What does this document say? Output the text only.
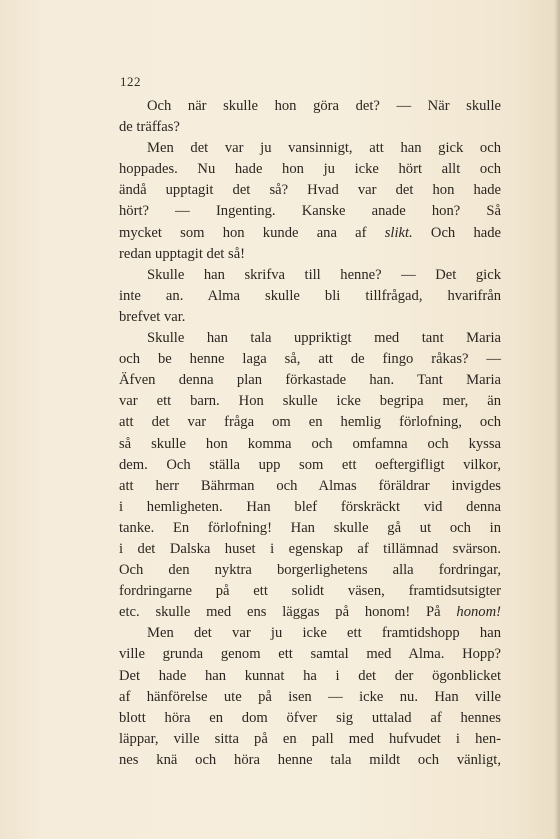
122
Och när skulle hon göra det? — När skulle
de träffas?
Men det var ju vansinnigt, att han gick och
hoppades. Nu hade hon ju icke hört allt och
ändå upptagit det så? Hvad var det hon hade
hört? — Ingenting. Kanske anade hon? Så
mycket som hon kunde ana af slikt. Och hade
redan upptagit det så!
Skulle han skrifva till henne? — Det gick
inte an. Alma skulle bli tillfrågad, hvarifrån
brefvet var.
Skulle han tala uppriktigt med tant Maria
och be henne laga så, att de fingo råkas? —
Äfven denna plan förkastade han. Tant Maria
var ett barn. Hon skulle icke begripa mer, än
att det var fråga om en hemlig förlofning, och
så skulle hon komma och omfamna och kyssa
dem. Och ställa upp som ett oeftergifligt vilkor,
att herr Bährman och Almas föräldrar invigdes
i hemligheten. Han blef förskräckt vid denna
tanke. En förlofning! Han skulle gå ut och in
i det Dalska huset i egenskap af tillämnad svärson.
Och den nyktra borgerlighetens alla fordringar,
fordringarne på ett solidt väsen, framtidsutsigter
etc. skulle med ens läggas på honom! På honom!
Men det var ju icke ett framtidshopp han
ville grunda genom ett samtal med Alma. Hopp?
Det hade han kunnat ha i det der ögonblicket
af hänförelse ute på isen — icke nu. Han ville
blott höra en dom öfver sig uttalad af hennes
läppar, ville sitta på en pall med hufvudet i hen-
nes knä och höra henne tala mildt och vänligt,
